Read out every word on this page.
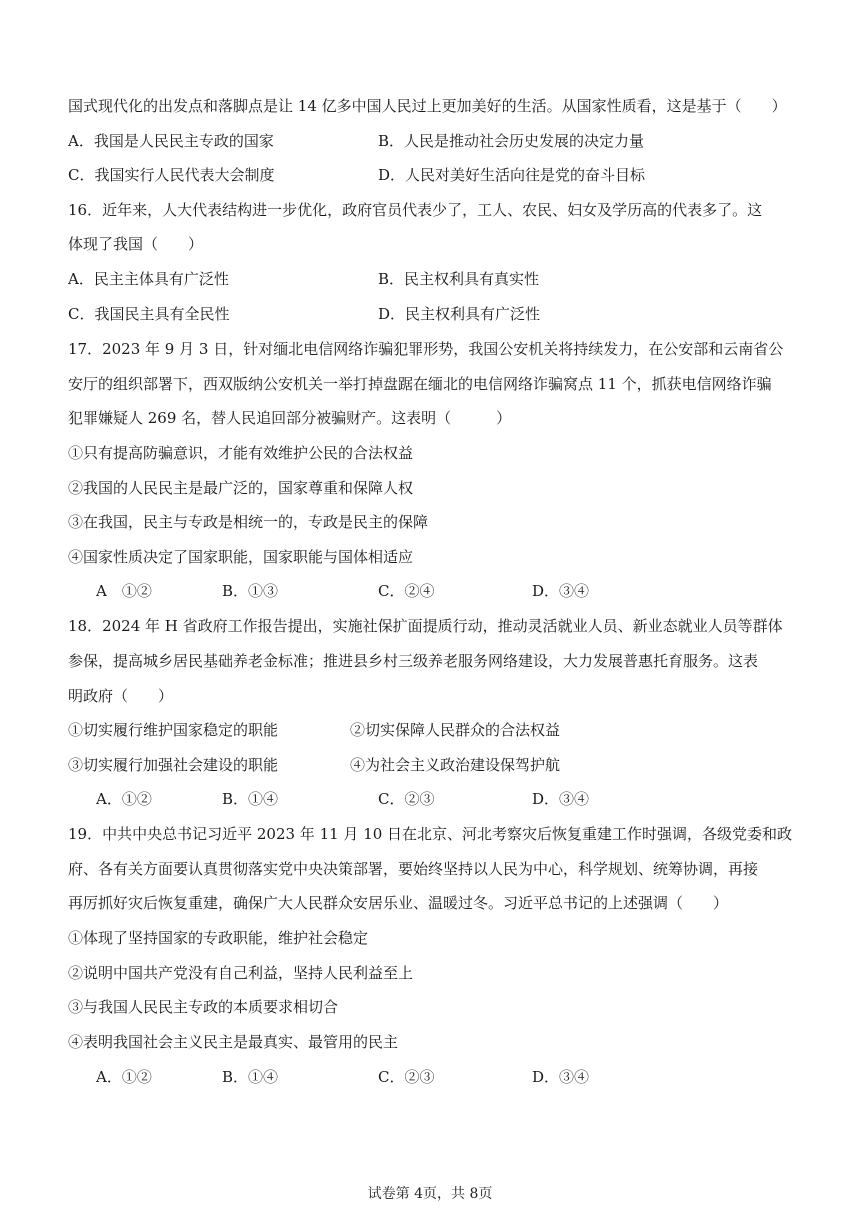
国式现代化的出发点和落脚点是让 14 亿多中国人民过上更加美好的生活。从国家性质看，这是基于（　　）
A．我国是人民民主专政的国家	B．人民是推动社会历史发展的决定力量
C．我国实行人民代表大会制度	D．人民对美好生活向往是党的奋斗目标
16．近年来，人大代表结构进一步优化，政府官员代表少了，工人、农民、妇女及学历高的代表多了。这
体现了我国（　　）
A．民主主体具有广泛性	B．民主权利具有真实性
C．我国民主具有全民性	D．民主权利具有广泛性
17．2023 年 9 月 3 日，针对缅北电信网络诈骗犯罪形势，我国公安机关将持续发力，在公安部和云南省公
安厅的组织部署下，西双版纳公安机关一举打掉盘踞在缅北的电信网络诈骗窝点 11 个，抓获电信网络诈骗
犯罪嫌疑人 269 名，替人民追回部分被骗财产。这表明（　　　）
①只有提高防骗意识，才能有效维护公民的合法权益
②我国的人民民主是最广泛的，国家尊重和保障人权
③在我国，民主与专政是相统一的，专政是民主的保障
④国家性质决定了国家职能，国家职能与国体相适应
A　①②	B．①③	C．②④	D．③④
18．2024 年 H 省政府工作报告提出，实施社保扩面提质行动，推动灵活就业人员、新业态就业人员等群体
参保，提高城乡居民基础养老金标准；推进县乡村三级养老服务网络建设，大力发展普惠托育服务。这表
明政府（　　）
①切实履行维护国家稳定的职能	②切实保障人民群众的合法权益
③切实履行加强社会建设的职能	④为社会主义政治建设保驾护航
A．①②	B．①④	C．②③	D．③④
19．中共中央总书记习近平 2023 年 11 月 10 日在北京、河北考察灾后恢复重建工作时强调，各级党委和政
府、各有关方面要认真贯彻落实党中央决策部署，要始终坚持以人民为中心，科学规划、统筹协调，再接
再厉抓好灾后恢复重建，确保广大人民群众安居乐业、温暖过冬。习近平总书记的上述强调（　　）
①体现了坚持国家的专政职能，维护社会稳定
②说明中国共产党没有自己利益，坚持人民利益至上
③与我国人民民主专政的本质要求相切合
④表明我国社会主义民主是最真实、最管用的民主
A．①②	B．①④	C．②③	D．③④
试卷第 4页，共 8页
